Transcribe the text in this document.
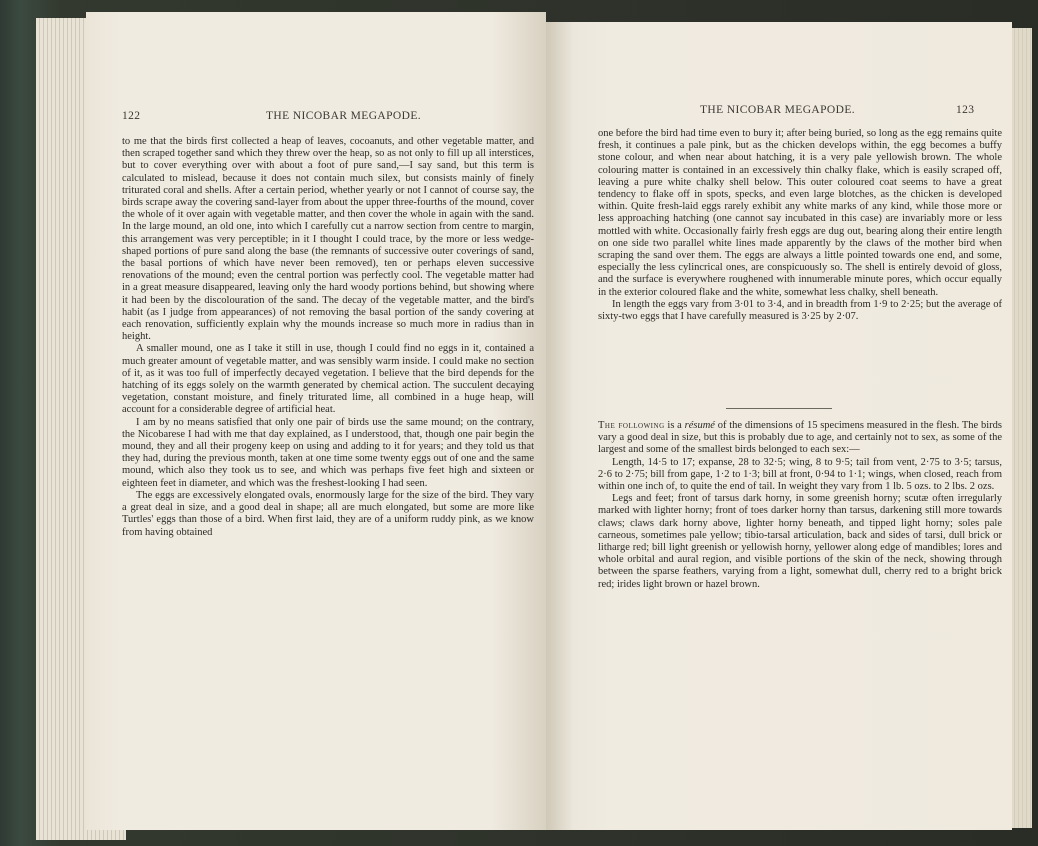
122	THE NICOBAR MEGAPODE.

to me that the birds first collected a heap of leaves, cocoanuts, and other vegetable matter, and then scraped together sand which they threw over the heap, so as not only to fill up all interstices, but to cover everything over with about a foot of pure sand,—I say sand, but this term is calculated to mislead, because it does not contain much silex, but consists mainly of finely triturated coral and shells. After a certain period, whether yearly or not I cannot of course say, the birds scrape away the covering sand-layer from about the upper three-fourths of the mound, cover the whole of it over again with vegetable matter, and then cover the whole in again with the sand. In the large mound, an old one, into which I carefully cut a narrow section from centre to margin, this arrangement was very perceptible; in it I thought I could trace, by the more or less wedge-shaped portions of pure sand along the base (the remnants of successive outer coverings of sand, the basal portions of which have never been removed), ten or perhaps eleven successive renovations of the mound; even the central portion was perfectly cool. The vegetable matter had in a great measure disappeared, leaving only the hard woody portions behind, but showing where it had been by the discolouration of the sand. The decay of the vegetable matter, and the bird's habit (as I judge from appearances) of not removing the basal portion of the sandy covering at each renovation, sufficiently explain why the mounds increase so much more in radius than in height.

A smaller mound, one as I take it still in use, though I could find no eggs in it, contained a much greater amount of vegetable matter, and was sensibly warm inside. I could make no section of it, as it was too full of imperfectly decayed vegetation. I believe that the bird depends for the hatching of its eggs solely on the warmth generated by chemical action. The succulent decaying vegetation, constant moisture, and finely triturated lime, all combined in a huge heap, will account for a considerable degree of artificial heat.

I am by no means satisfied that only one pair of birds use the same mound; on the contrary, the Nicobarese I had with me that day explained, as I understood, that, though one pair begin the mound, they and all their progeny keep on using and adding to it for years; and they told us that they had, during the previous month, taken at one time some twenty eggs out of one and the same mound, which also they took us to see, and which was perhaps five feet high and sixteen or eighteen feet in diameter, and which was the freshest-looking I had seen.

The eggs are excessively elongated ovals, enormously large for the size of the bird. They vary a great deal in size, and a good deal in shape; all are much elongated, but some are more like Turtles' eggs than those of a bird. When first laid, they are of a uniform ruddy pink, as we know from having obtained

THE NICOBAR MEGAPODE.	123

one before the bird had time even to bury it; after being buried, so long as the egg remains quite fresh, it continues a pale pink, but as the chicken develops within, the egg becomes a buffy stone colour, and when near about hatching, it is a very pale yellowish brown. The whole colouring matter is contained in an excessively thin chalky flake, which is easily scraped off, leaving a pure white chalky shell below. This outer coloured coat seems to have a great tendency to flake off in spots, specks, and even large blotches, as the chicken is developed within. Quite fresh-laid eggs rarely exhibit any white marks of any kind, while those more or less approaching hatching (one cannot say incubated in this case) are invariably more or less mottled with white. Occasionally fairly fresh eggs are dug out, bearing along their entire length on one side two parallel white lines made apparently by the claws of the mother bird when scraping the sand over them. The eggs are always a little pointed towards one end, and some, especially the less cylincrical ones, are conspicuously so. The shell is entirely devoid of gloss, and the surface is everywhere roughened with innumerable minute pores, which occur equally in the exterior coloured flake and the white, somewhat less chalky, shell beneath.

In length the eggs vary from 3·01 to 3·4, and in breadth from 1·9 to 2·25; but the average of sixty-two eggs that I have carefully measured is 3·25 by 2·07.

The following is a résumé of the dimensions of 15 specimens measured in the flesh. The birds vary a good deal in size, but this is probably due to age, and certainly not to sex, as some of the largest and some of the smallest birds belonged to each sex:—

Length, 14·5 to 17; expanse, 28 to 32·5; wing, 8 to 9·5; tail from vent, 2·75 to 3·5; tarsus, 2·6 to 2·75; bill from gape, 1·2 to 1·3; bill at front, 0·94 to 1·1; wings, when closed, reach from within one inch of, to quite the end of tail. In weight they vary from 1 lb. 5 ozs. to 2 lbs. 2 ozs.

Legs and feet; front of tarsus dark horny, in some greenish horny; scutæ often irregularly marked with lighter horny; front of toes darker horny than tarsus, darkening still more towards claws; claws dark horny above, lighter horny beneath, and tipped light horny; soles pale carneous, sometimes pale yellow; tibio-tarsal articulation, back and sides of tarsi, dull brick or litharge red; bill light greenish or yellowish horny, yellower along edge of mandibles; lores and whole orbital and aural region, and visible portions of the skin of the neck, showing through between the sparse feathers, varying from a light, somewhat dull, cherry red to a bright brick red; irides light brown or hazel brown.
